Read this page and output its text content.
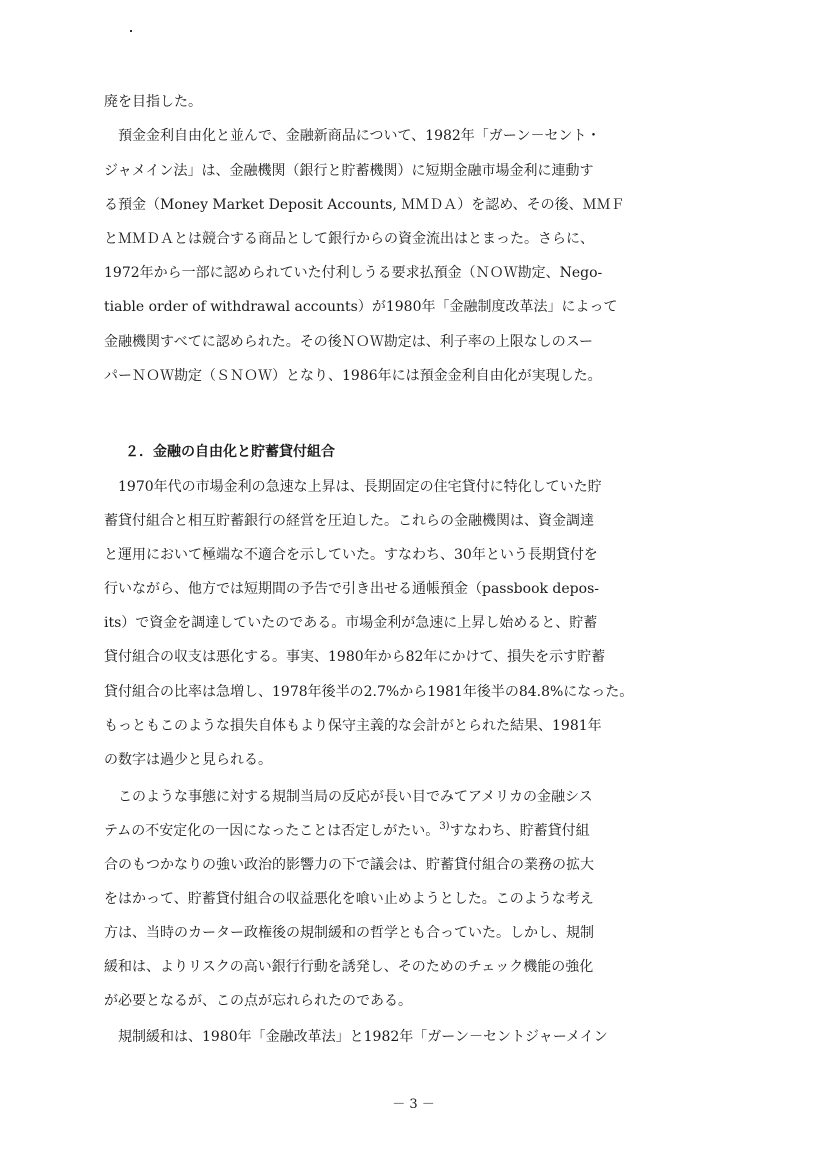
廃を目指した。
預金金利自由化と並んで、金融新商品について、1982年「ガーン－セント・
ジャメイン法」は、金融機関（銀行と貯蓄機関）に短期金融市場金利に連動す
る預金（Money Market Deposit Accounts, ＭＭＤＡ）を認め、その後、ＭＭＦ
とＭＭＤＡとは競合する商品として銀行からの資金流出はとまった。さらに、
1972年から一部に認められていた付利しうる要求払預金（ＮＯＷ勘定、Nego-
tiable order of withdrawal accounts）が1980年「金融制度改革法」によって
金融機関すべてに認められた。その後ＮＯＷ勘定は、利子率の上限なしのスー
パーＮＯＷ勘定（ＳＮＯＷ）となり、1986年には預金金利自由化が実現した。
２．金融の自由化と貯蓄貸付組合
1970年代の市場金利の急速な上昇は、長期固定の住宅貸付に特化していた貯
蓄貸付組合と相互貯蓄銀行の経営を圧迫した。これらの金融機関は、資金調達
と運用において極端な不適合を示していた。すなわち、30年という長期貸付を
行いながら、他方では短期間の予告で引き出せる通帳預金（passbook depos-
its）で資金を調達していたのである。市場金利が急速に上昇し始めると、貯蓄
貸付組合の収支は悪化する。事実、1980年から82年にかけて、損失を示す貯蓄
貸付組合の比率は急増し、1978年後半の2.7%から1981年後半の84.8%になった。
もっともこのような損失自体もより保守主義的な会計がとられた結果、1981年
の数字は過少と見られる。
このような事態に対する規制当局の反応が長い目でみてアメリカの金融シス
テムの不安定化の一因になったことは否定しがたい。$^{3)}$すなわち、貯蓄貸付組
合のもつかなりの強い政治的影響力の下で議会は、貯蓄貸付組合の業務の拡大
をはかって、貯蓄貸付組合の収益悪化を喰い止めようとした。このような考え
方は、当時のカーター政権後の規制緩和の哲学とも合っていた。しかし、規制
緩和は、よりリスクの高い銀行行動を誘発し、そのためのチェック機能の強化
が必要となるが、この点が忘れられたのである。
規制緩和は、1980年「金融改革法」と1982年「ガーン－セントジャーメイン
－ 3 －
